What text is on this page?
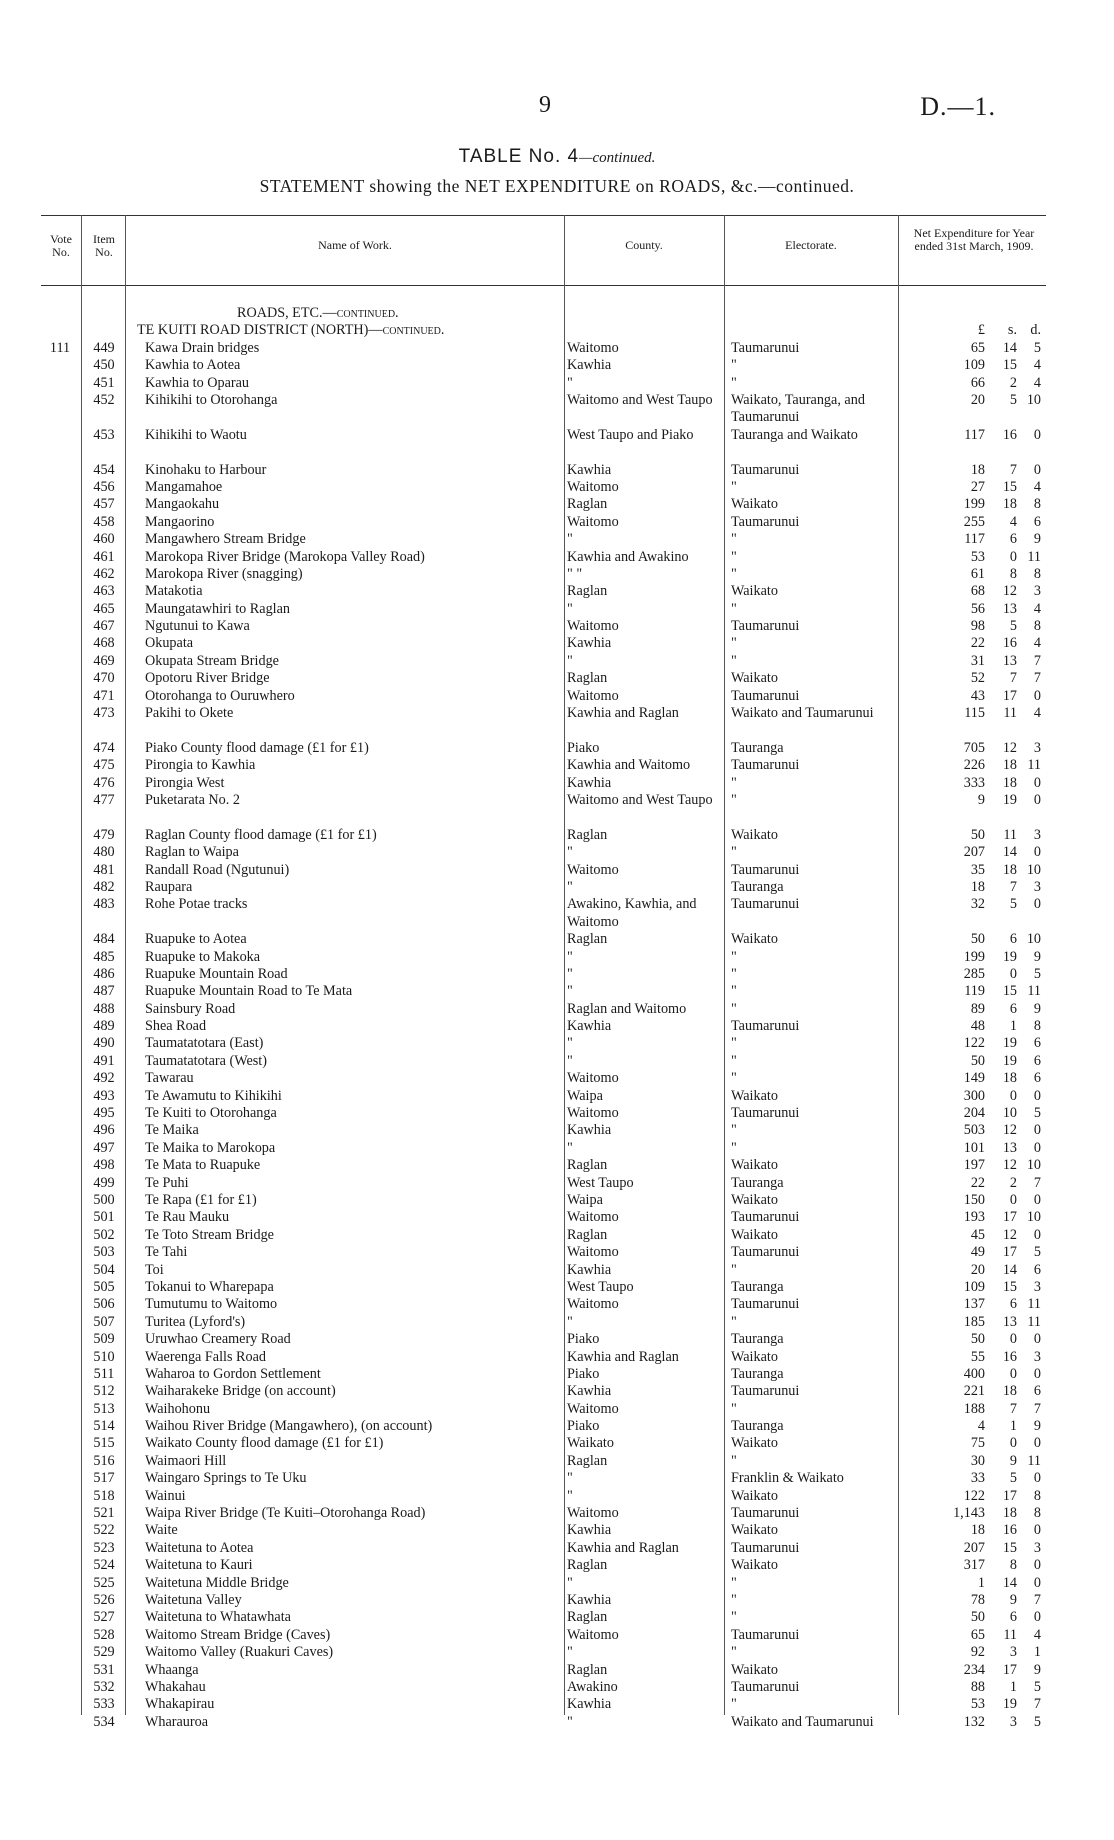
9	D.—1.
TABLE No. 4—continued.
STATEMENT showing the NET EXPENDITURE on ROADS, &c.—continued.
Vote No.
Item No.	Name of Work.	County.	Electorate.
Net Expenditure for Year ended 31st March, 1909.
ROADS, ETC.—continued.
TE KUITI ROAD DISTRICT (NORTH)—continued.	£	s. d.
111	449	Kawa Drain bridges	Waitomo	Taumarunui	65	14	5
450	Kawhia to Aotea	Kawhia	"	109	15	4
451	Kawhia to Oparau	"	"	66	2	4
452	Kihikihi to Otorohanga	Waitomo and West Taupo Waikato, Tauranga, and Taumarunui
20	5 10
453	Kihikihi to Waotu	West Taupo and Piako	Tauranga and Waikato	117	16	0
454	Kinohaku to Harbour	Kawhia	Taumarunui	18	7	0
456	Mangamahoe	Waitomo	"	27	15	4
457	Mangaokahu	Raglan	Waikato	199	18	8
458	Mangaorino	Waitomo	Taumarunui	255	4	6
460	Mangawhero Stream Bridge	"	"	117	6	9
461	Marokopa River Bridge (Marokopa Valley Road)	Kawhia and Awakino	"	53	0 11
462	Marokopa River (snagging)	" "	"	61	8	8
463	Matakotia	Raglan	Waikato	68	12	3
465	Maungatawhiri to Raglan	"	"	56	13	4
467	Ngutunui to Kawa	Waitomo	Taumarunui	98	5	8
468	Okupata	Kawhia	"	22	16	4
469	Okupata Stream Bridge	"	"	31	13	7
470	Opotoru River Bridge	Raglan	Waikato	52	7	7
471	Otorohanga to Ouruwhero	Waitomo	Taumarunui	43	17	0
473	Pakihi to Okete	Kawhia and Raglan	Waikato and Taumarunui	115	11	4
474	Piako County flood damage (£1 for £1)	Piako	Tauranga	705	12	3
475	Pirongia to Kawhia	Kawhia and Waitomo	Taumarunui	226	18 11
476	Pirongia West	Kawhia	"	333	18	0
477	Puketarata No. 2	Waitomo and West Taupo "	9	19	0
479	Raglan County flood damage (£1 for £1)	Raglan	Waikato	50	11	3
480	Raglan to Waipa	"	"	207	14	0
481	Randall Road (Ngutunui)	Waitomo	Taumarunui	35	18 10
482	Raupara	"	Tauranga	18	7	3
483	Rohe Potae tracks	Awakino, Kawhia, and Waitomo
Taumarunui	32	5	0
484	Ruapuke to Aotea	Raglan	Waikato	50	6 10
485	Ruapuke to Makoka	"	"	199	19	9
486	Ruapuke Mountain Road	"	"	285	0	5
487	Ruapuke Mountain Road to Te Mata	"	"	119	15 11
488	Sainsbury Road	Raglan and Waitomo	"	89	6	9
489	Shea Road	Kawhia	Taumarunui	48	1	8
490	Taumatatotara (East)	"	"	122	19	6
491	Taumatatotara (West)	"	"	50	19	6
492	Tawarau	Waitomo	"	149	18	6
493	Te Awamutu to Kihikihi	Waipa	Waikato	300	0	0
495	Te Kuiti to Otorohanga	Waitomo	Taumarunui	204	10	5
496	Te Maika	Kawhia	"	503	12	0
497	Te Maika to Marokopa	"	"	101	13	0
498	Te Mata to Ruapuke	Raglan	Waikato	197	12 10
499	Te Puhi	West Taupo	Tauranga	22	2	7
500	Te Rapa (£1 for £1)	Waipa	Waikato	150	0	0
501	Te Rau Mauku	Waitomo	Taumarunui	193	17 10
502	Te Toto Stream Bridge	Raglan	Waikato	45	12	0
503	Te Tahi	Waitomo	Taumarunui	49	17	5
504	Toi	Kawhia	"	20	14	6
505	Tokanui to Wharepapa	West Taupo	Tauranga	109	15	3
506	Tumutumu to Waitomo	Waitomo	Taumarunui	137	6 11
507	Turitea (Lyford's)	"	"	185	13 11
509	Uruwhao Creamery Road	Piako	Tauranga	50	0	0
510	Waerenga Falls Road	Kawhia and Raglan	Waikato	55	16	3
511	Waharoa to Gordon Settlement	Piako	Tauranga	400	0	0
512	Waiharakeke Bridge (on account)	Kawhia	Taumarunui	221	18	6
513	Waihohonu	Waitomo	"	188	7	7
514	Waihou River Bridge (Mangawhero), (on account)	Piako	Tauranga	4	1	9
515	Waikato County flood damage (£1 for £1)	Waikato	Waikato	75	0	0
516	Waimaori Hill	Raglan	"	30	9 11
517	Waingaro Springs to Te Uku	"	Franklin & Waikato	33	5	0
518	Wainui	"	Waikato	122	17	8
521	Waipa River Bridge (Te Kuiti–Otorohanga Road)	Waitomo	Taumarunui	1,143	18	8
522	Waite	Kawhia	Waikato	18	16	0
523	Waitetuna to Aotea	Kawhia and Raglan	Taumarunui	207	15	3
524	Waitetuna to Kauri	Raglan	Waikato	317	8	0
525	Waitetuna Middle Bridge	"	"	1	14	0
526	Waitetuna Valley	Kawhia	"	78	9	7
527	Waitetuna to Whatawhata	Raglan	"	50	6	0
528	Waitomo Stream Bridge (Caves)	Waitomo	Taumarunui	65	11	4
529	Waitomo Valley (Ruakuri Caves)	"	"	92	3	1
531	Whaanga	Raglan	Waikato	234	17	9
532	Whakahau	Awakino	Taumarunui	88	1	5
533	Whakapirau	Kawhia	"	53	19	7
534	Wharauroa	"	Waikato and Taumarunui	132	3	5
